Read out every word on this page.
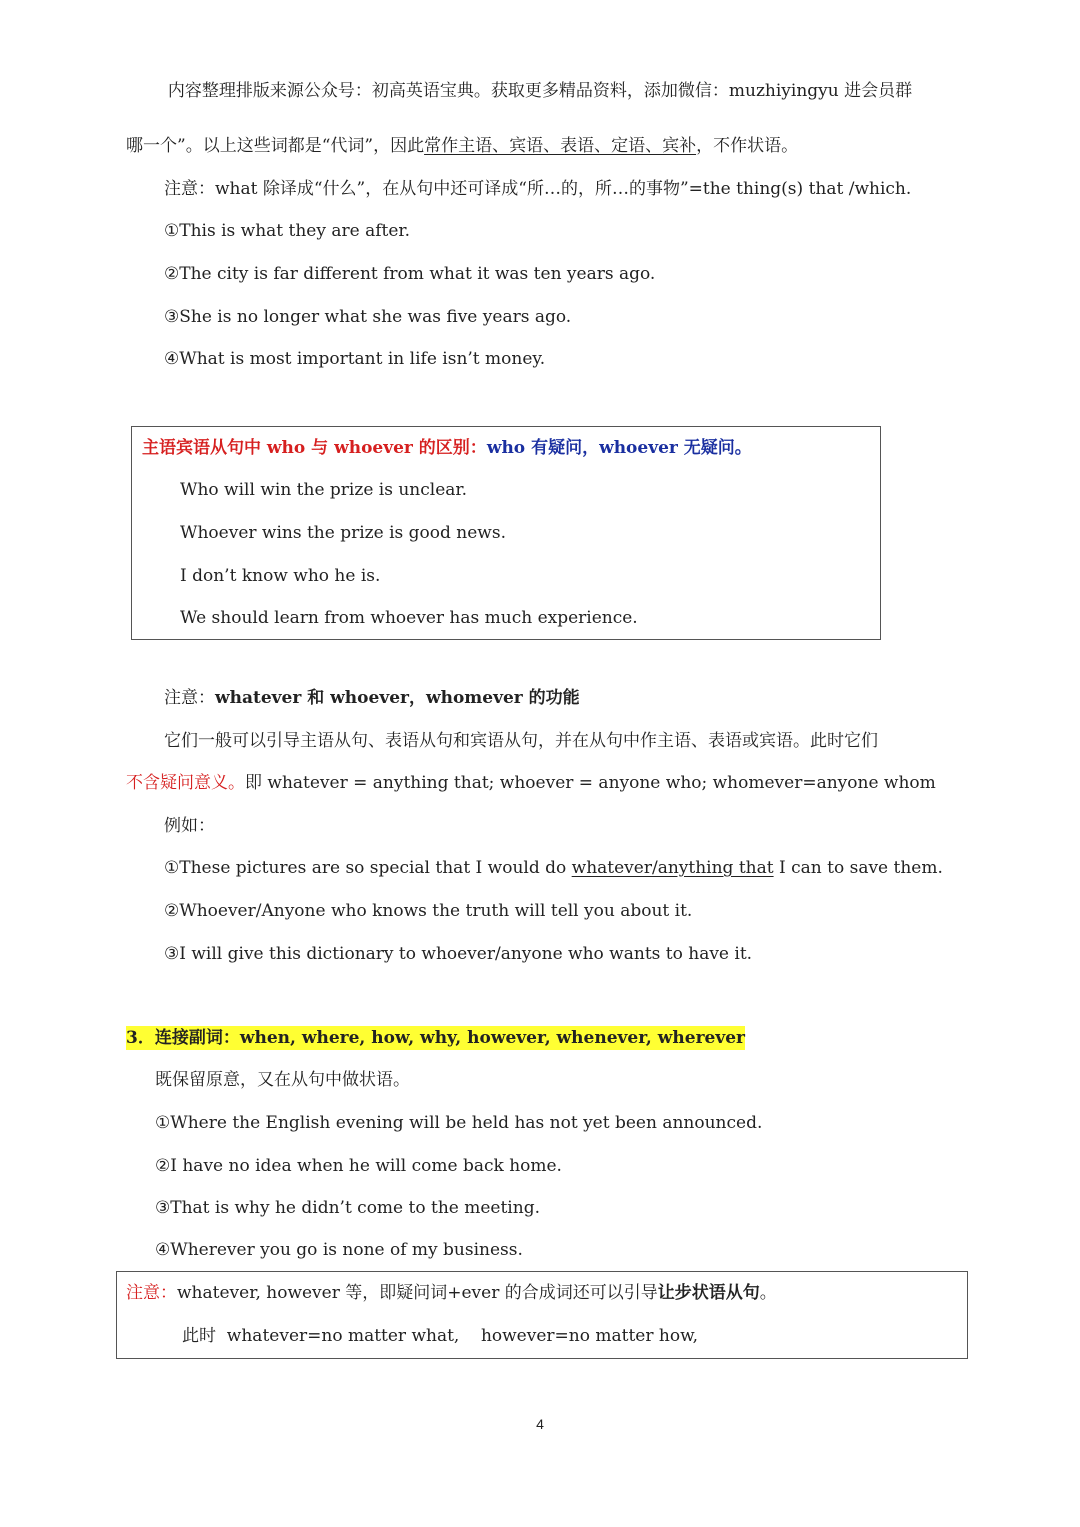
内容整理排版来源公众号：初高英语宝典。获取更多精品资料，添加微信：muzhiyingyu 进会员群
哪一个”。以上这些词都是“代词”，因此常作主语、宾语、表语、定语、宾补，不作状语。
注意：what 除译成“什么”，在从句中还可译成“所…的，所…的事物”=the thing(s) that /which.
①This is what they are after.
②The city is far different from what it was ten years ago.
③She is no longer what she was five years ago.
④What is most important in life isn’t money.
主语宾语从句中 who 与 whoever 的区别：who 有疑问，whoever 无疑问。
Who will win the prize is unclear.
Whoever wins the prize is good news.
I don’t know who he is.
We should learn from whoever has much experience.
注意：whatever 和 whoever，whomever 的功能
它们一般可以引导主语从句、表语从句和宾语从句，并在从句中作主语、表语或宾语。此时它们
不含疑问意义。即 whatever = anything that; whoever = anyone who; whomever=anyone whom
例如：
①These pictures are so special that I would do whatever/anything that I can to save them.
②Whoever/Anyone who knows the truth will tell you about it.
③I will give this dictionary to whoever/anyone who wants to have it.
3．连接副词：when, where, how, why, however, whenever, wherever
既保留原意，又在从句中做状语。
①Where the English evening will be held has not yet been announced.
②I have no idea when he will come back home.
③That is why he didn’t come to the meeting.
④Wherever you go is none of my business.
注意：whatever, however 等，即疑问词+ever 的合成词还可以引导让步状语从句。
此时  whatever=no matter what,    however=no matter how,
4
